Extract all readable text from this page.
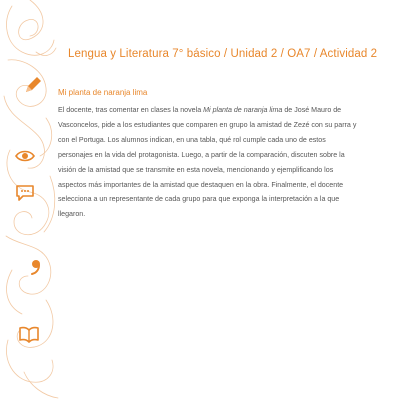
Lengua y Literatura 7° básico / Unidad 2 / OA7 / Actividad 2
Mi planta de naranja lima

El docente, tras comentar en clases la novela Mi planta de naranja lima de José Mauro de Vasconcelos, pide a los estudiantes que comparen en grupo la amistad de Zezé con su parra y con el Portuga. Los alumnos indican, en una tabla, qué rol cumple cada uno de estos personajes en la vida del protagonista. Luego, a partir de la comparación, discuten sobre la visión de la amistad que se transmite en esta novela, mencionando y ejemplificando los aspectos más importantes de la amistad que destaquen en la obra. Finalmente, el docente selecciona a un representante de cada grupo para que exponga la interpretación a la que llegaron.
